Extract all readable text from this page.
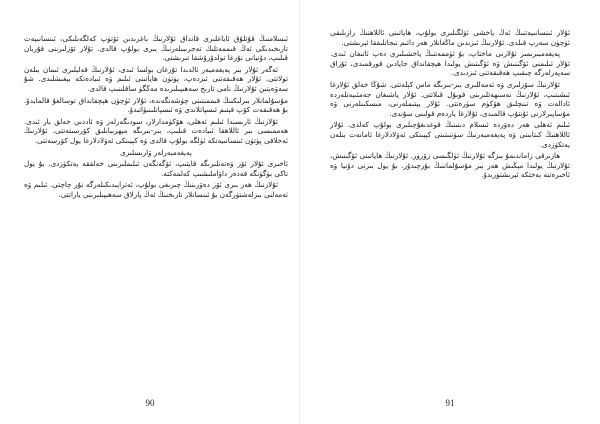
ئىسلامنىڭ قۇتلۇق ئاياغلىرى قانداق ئۇلارنىڭ باغرىدىن ئۆتۈپ كەلگەنلىكى، ئىنسانىيەت تارىخىدىكى ئەڭ قىممەتلىك تەجرىبىلەرنىڭ بىرى بولۇپ قالدى. ئۇلار ئۆزلىرىنى قۇربان قىلىپ، دۇنيانى نۇرغا تولدۇرۇشقا تىرىشتى.

ئەگەر ئۇلار بىر پەيغەمبەر ئالدىدا تۇرغان بولسا ئىدى، ئۇلارنىڭ قەلبلىرى ئىمان بىلەن تولاتتى. ئۇلار ھەقىقەتنى ئىزدەپ، پۈتۈن ھاياتىنى ئىلىم ۋە ئىبادەتكە بېغىشلىدى. شۇ سەۋەبتىن ئۇلارنىڭ نامى تارىخ سەھىپىلىرىدە مەڭگۈ ساقلىنىپ قالدى.

مۇسۇلمانلار بىرلىكنىڭ قىممىتىنى چۈشەنگەندە، ئۇلار ئۈچۈن ھېچقانداق توسالغۇ قالمايدۇ. بۇ ھەقىقەت كۆپ قېتىم ئىسپاتلاندى ۋە ئىسپاتلىنىۋاتىدۇ.

ئۇلارنىڭ ئارىسىدا ئىلىم ئەھلى، ھۆكۈمدارلار، سودىگەرلەر ۋە ئاددىي خەلق بار ئىدى. ھەممىسى بىر ئاللاھقا ئىبادەت قىلىپ، بىر-بىرىگە مېھرىبانلىق كۆرسىتەتتى. ئۇلارنىڭ ئەخلاقى پۈتۈن ئىنسانىيەتكە ئۈلگە بولۇپ قالدى ۋە كېيىنكى ئەۋلادلارغا يول كۆرسەتتى.

پەيغەمبەرلەر ۋارىسلىرى

ئاخىرى ئۇلار ئۆز ۋەتەنلىرىگە قايتىپ، ئۆگەنگەن ئىلىملىرىنى خەلققە يەتكۈزدى. بۇ يول تاكى بۈگۈنگە قەدەر داۋاملىشىپ كەلمەكتە.

ئۇلارنىڭ ھەر بىرى ئۆز دەۋرىنىڭ چىرىغى بولۇپ، ئەتراپىدىكىلەرگە نۇر چاچتى. ئىلىم ۋە ئەمەلنى بىرلەشتۈرگەن بۇ ئىنسانلار تارىخنىڭ ئەڭ پارلاق سەھىپىلىرىنى ياراتتى.

90

ئۇلار ئىنسانىيەتنىڭ ئەڭ ياخشى ئۈلگىلىرى بولۇپ، ھاياتىنى ئاللاھنىڭ رازىلىقى ئۈچۈن سەرپ قىلدى. ئۇلارنىڭ ئىزىدىن ماڭغانلار ھەر دائىم نىجاتلىققا ئېرىشتى.

پەيغەمبىرىمىز ئۇلارنى ماختاپ، بۇ ئۈممەتنىڭ ياخشىلىرى دەپ ئاتىغان ئىدى. ئۇلار ئىلىمنى ئۆگىنىش ۋە ئۆگىتىش يولىدا ھېچقانداق جاپادىن قورقمىدى، ئۇزاق سەپەرلەرگە چىقىپ ھەقىقەتنى ئىزدىدى.

ئۇلارنىڭ سۆزلىرى ۋە ئەمەللىرى بىر-بىرىگە ماس كېلەتتى. شۇڭا خەلق ئۇلارغا ئىشىنىپ، ئۇلارنىڭ نەسىھەتلىرىنى قوبۇل قىلاتتى. ئۇلار ياشىغان جەمئىيەتلەردە ئادالەت ۋە تىنچلىق ھۆكۈم سۈرەتتى. ئۇلار يېتىملەرنى، مىسكىنلەرنى ۋە مۇساپىرلارنى ئۇنتۇپ قالمىدى، ئۇلارغا ياردەم قولىنى سۇندى.

ئىلىم ئەھلى ھەر دەۋردە ئىسلام دىنىنىڭ قوغدىغۇچىلىرى بولۇپ كەلدى. ئۇلار ئاللاھنىڭ كىتابىنى ۋە پەيغەمبەرنىڭ سۈننىتىنى كېيىنكى ئەۋلادلارغا ئامانەت بىلەن يەتكۈزدى.

ھازىرقى زاماندىمۇ بىزگە ئۇلارنىڭ ئۈلگىسى زۆرۈر. ئۇلارنىڭ ھاياتىنى ئۆگىنىش، ئۇلارنىڭ يولىدا مېڭىش ھەر بىر مۇسۇلماننىڭ بۇرچىدۇر. بۇ يول بىزنى دۇنيا ۋە ئاخىرەتتە بەختكە ئېرىشتۈرىدۇ.

91
